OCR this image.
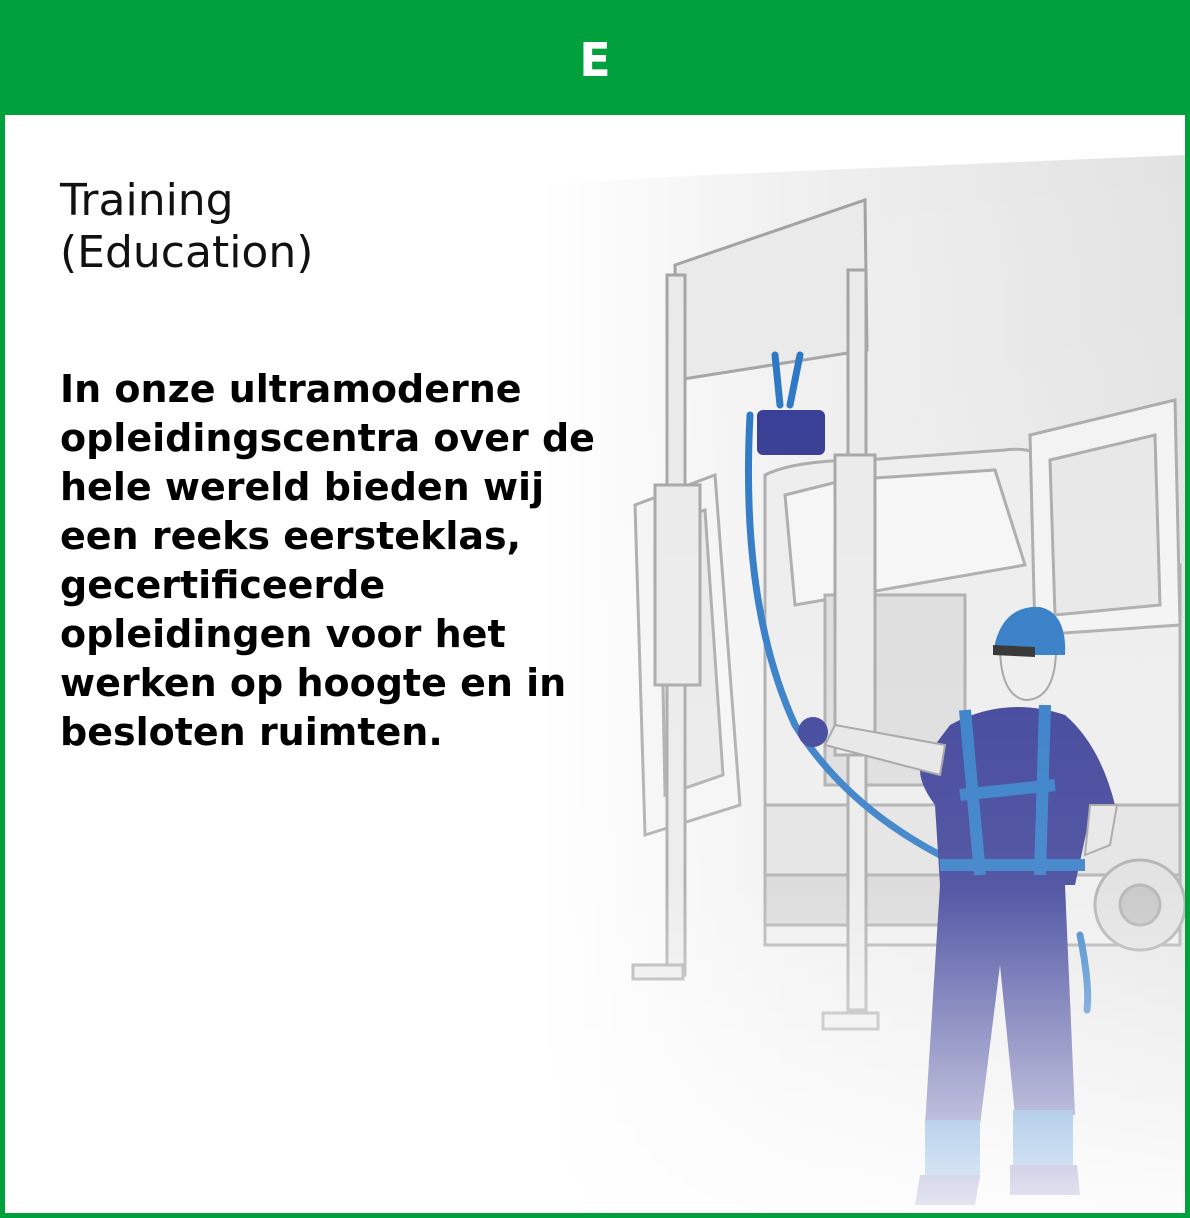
E
Training
(Education)

In onze ultramoderne opleidingscentra over de hele wereld bieden wij een reeks eersteklas, gecertificeerde opleidingen voor het werken op hoogte en in besloten ruimten.
